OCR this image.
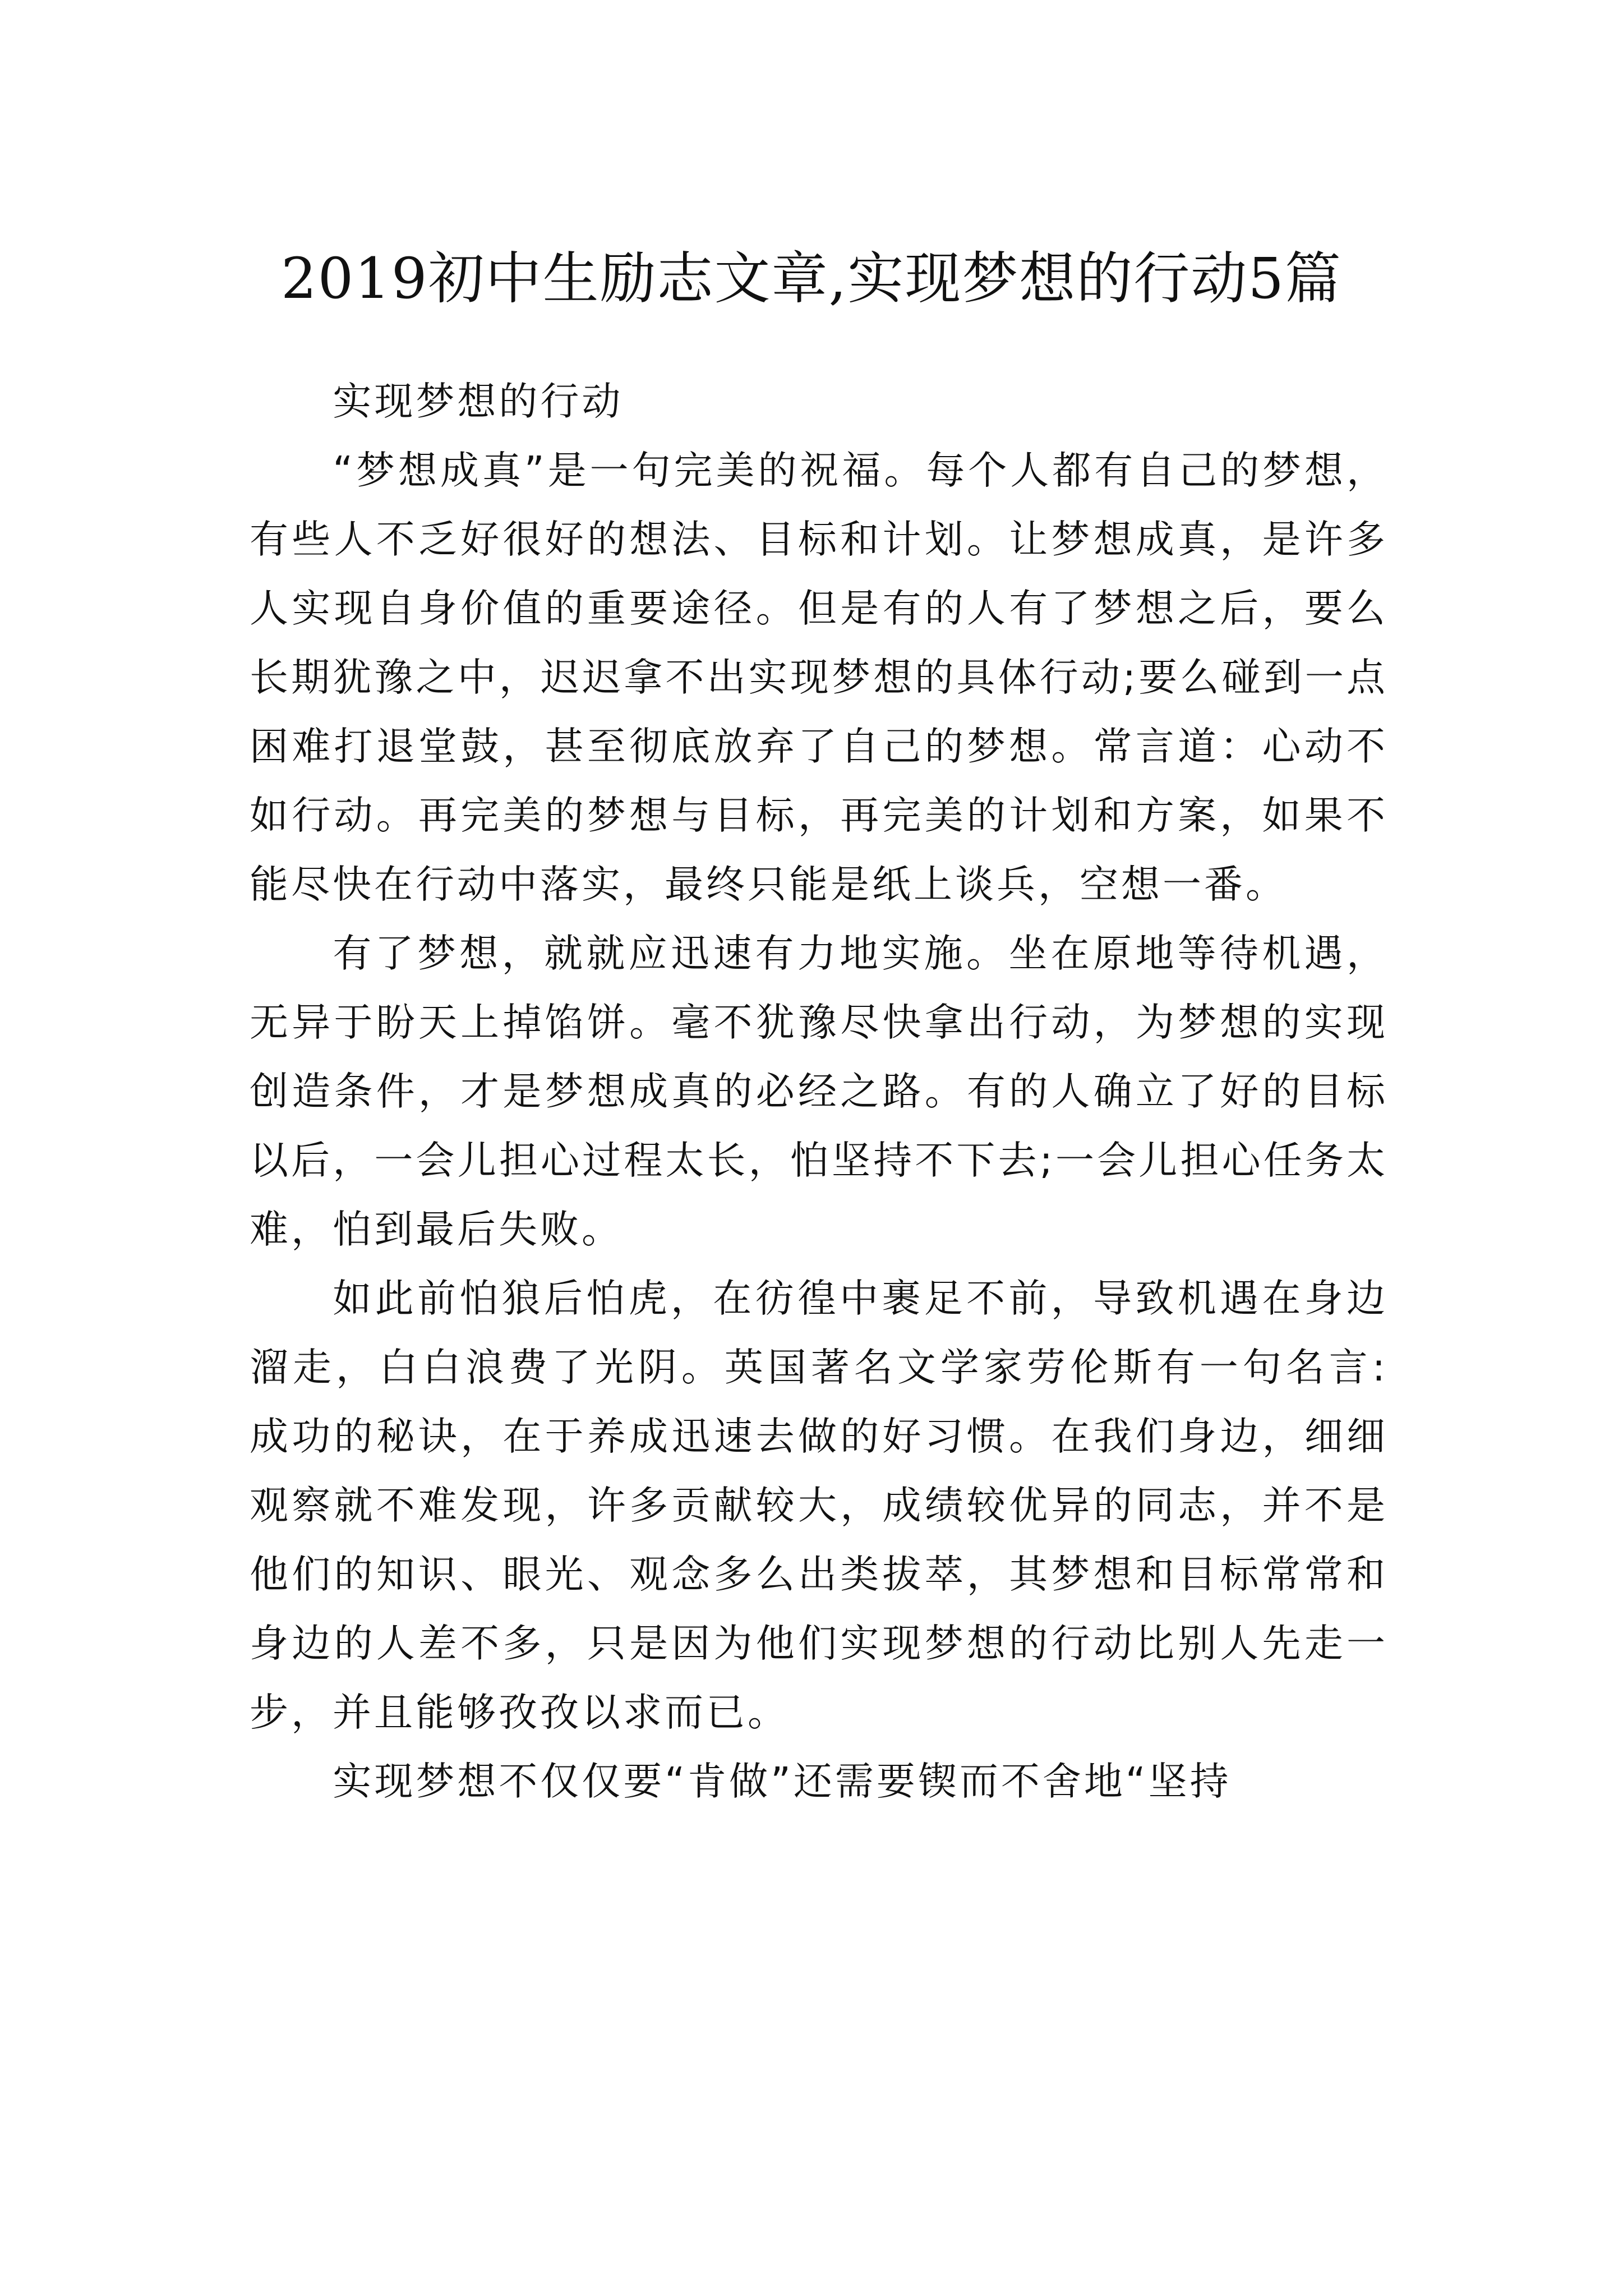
2019初中生励志文章,实现梦想的行动5篇

实现梦想的行动

“梦想成真”是一句完美的祝福。每个人都有自己的梦想，有些人不乏好很好的想法、目标和计划。让梦想成真，是许多人实现自身价值的重要途径。但是有的人有了梦想之后，要么长期犹豫之中，迟迟拿不出实现梦想的具体行动;要么碰到一点困难打退堂鼓，甚至彻底放弃了自己的梦想。常言道：心动不如行动。再完美的梦想与目标，再完美的计划和方案，如果不能尽快在行动中落实，最终只能是纸上谈兵，空想一番。

有了梦想，就就应迅速有力地实施。坐在原地等待机遇，无异于盼天上掉馅饼。毫不犹豫尽快拿出行动，为梦想的实现创造条件，才是梦想成真的必经之路。有的人确立了好的目标以后，一会儿担心过程太长，怕坚持不下去;一会儿担心任务太难，怕到最后失败。

如此前怕狼后怕虎，在彷徨中裹足不前，导致机遇在身边溜走，白白浪费了光阴。英国著名文学家劳伦斯有一句名言: 成功的秘诀，在于养成迅速去做的好习惯。在我们身边，细细观察就不难发现，许多贡献较大，成绩较优异的同志，并不是他们的知识、眼光、观念多么出类拔萃，其梦想和目标常常和身边的人差不多，只是因为他们实现梦想的行动比别人先走一步，并且能够孜孜以求而已。

实现梦想不仅仅要“肯做”还需要锲而不舍地“坚持
